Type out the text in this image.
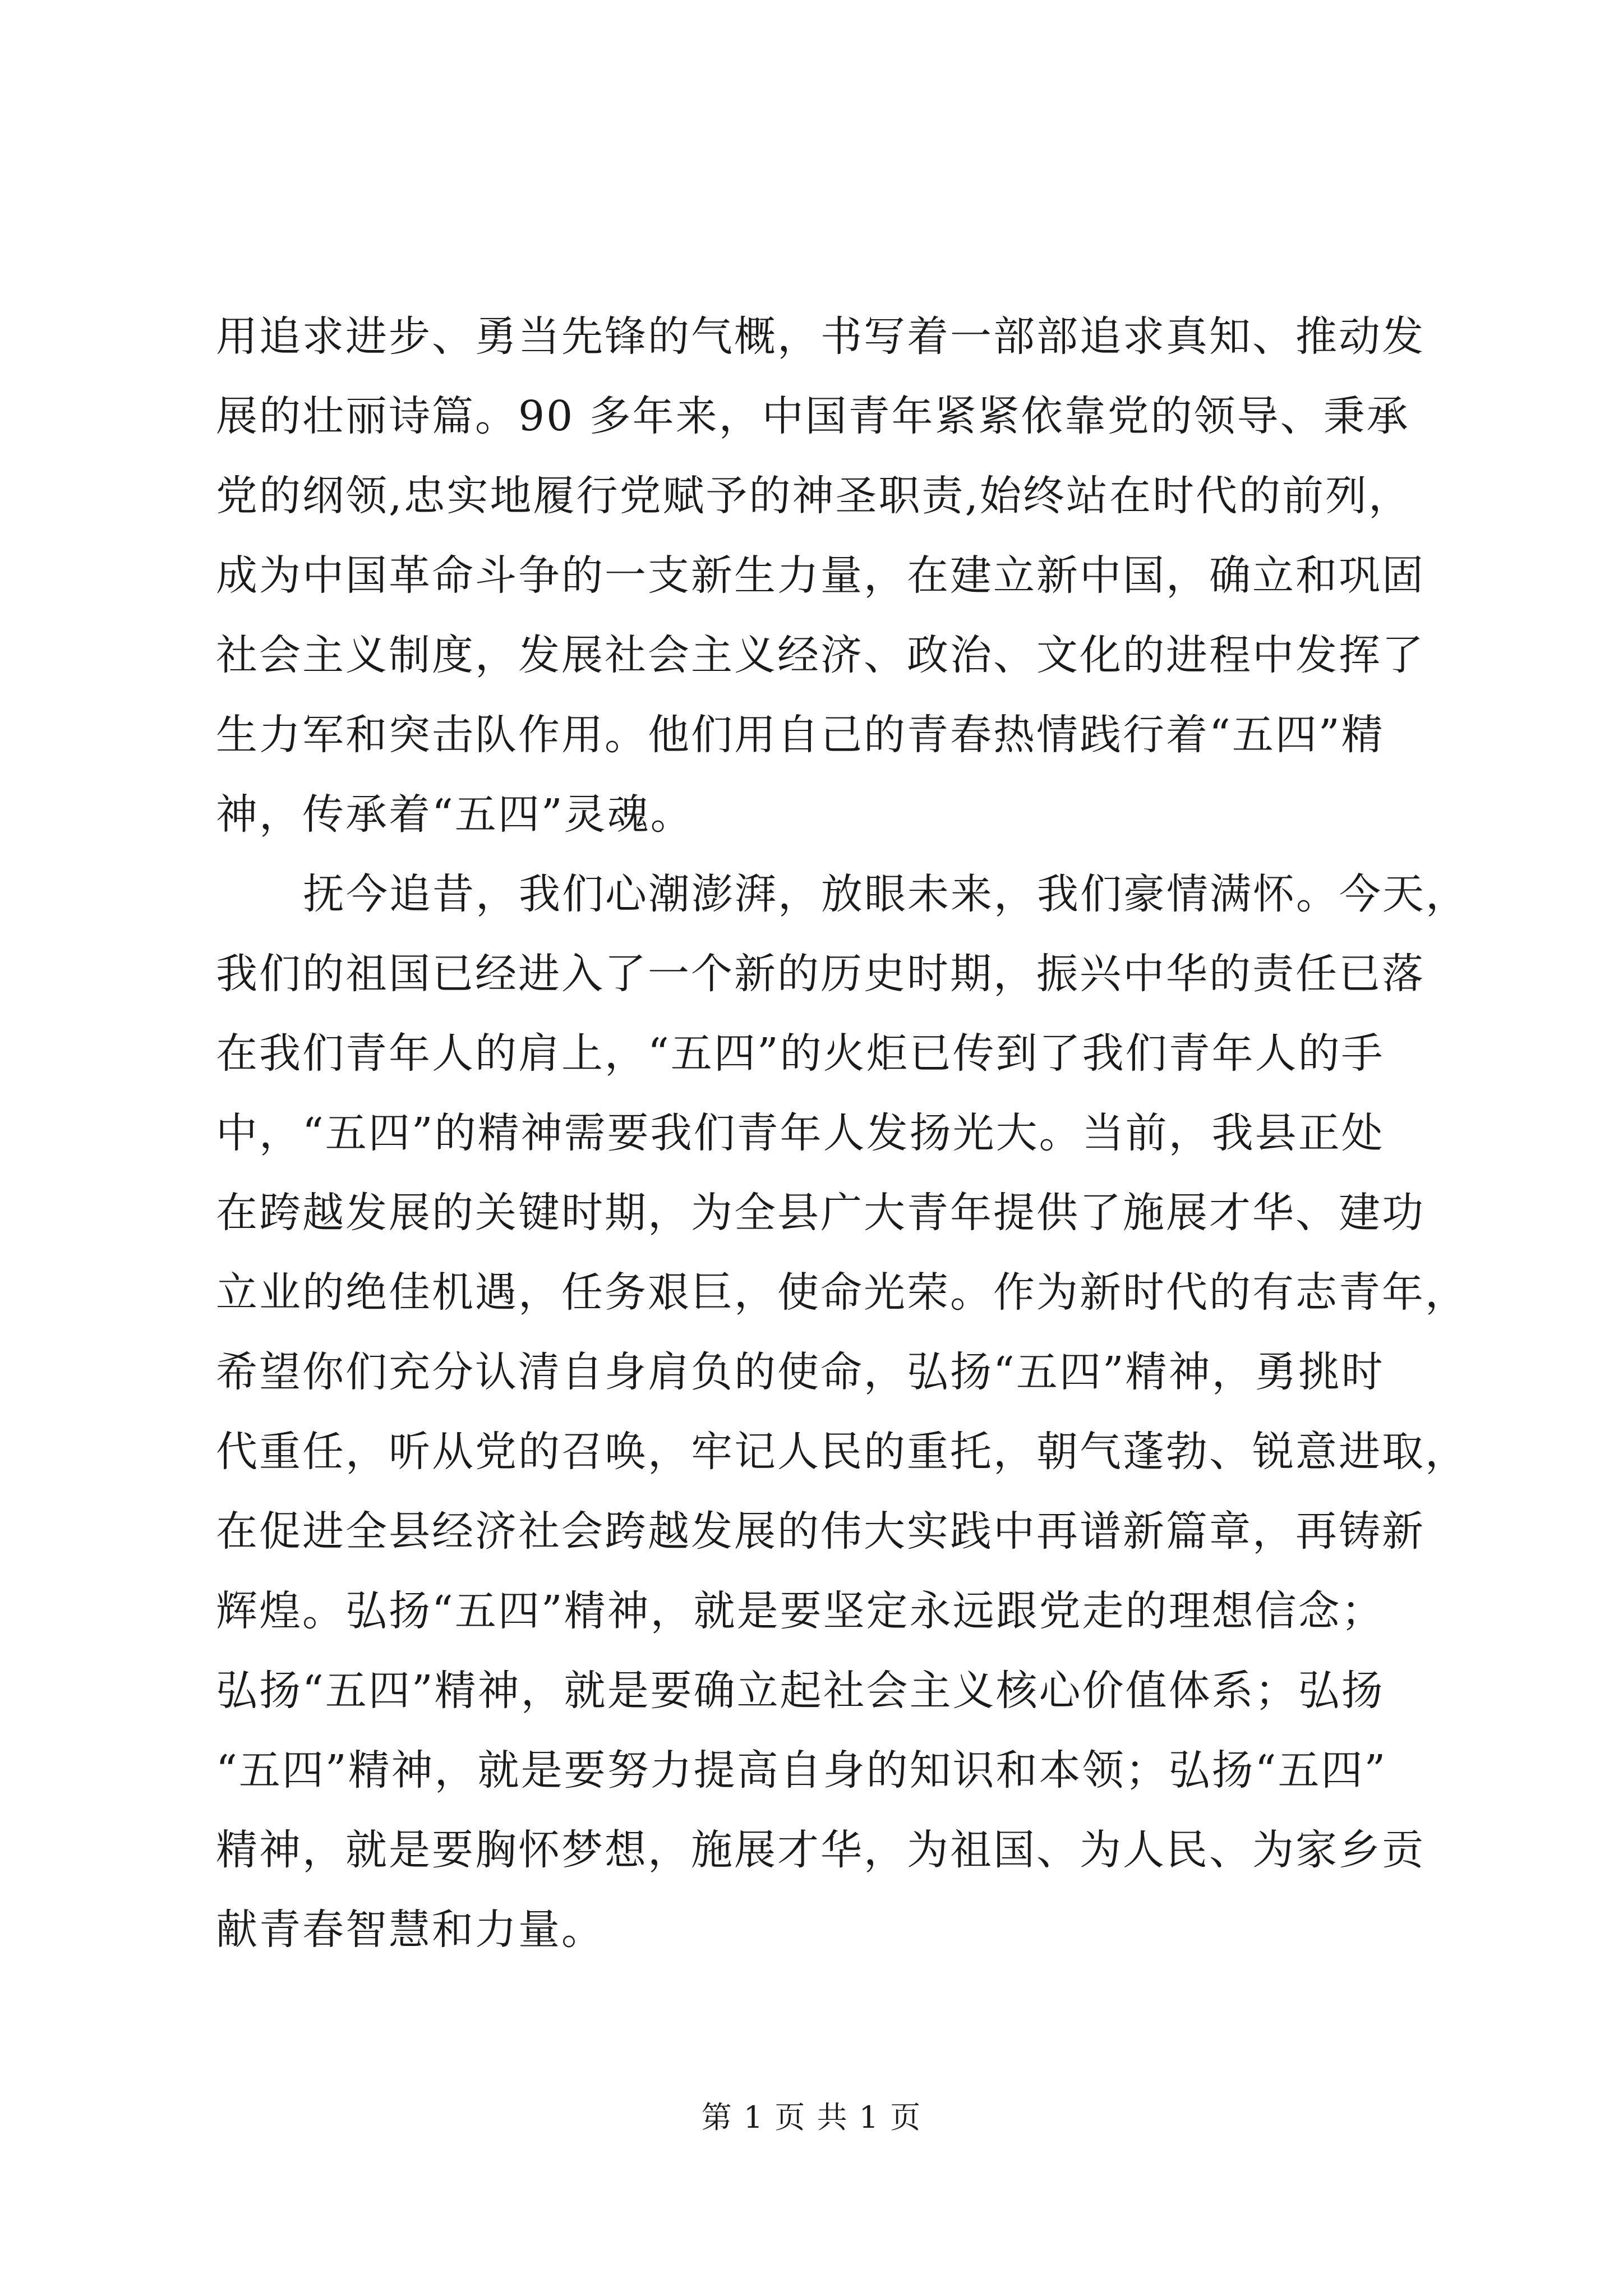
用追求进步、勇当先锋的气概，书写着一部部追求真知、推动发
展的壮丽诗篇。90 多年来，中国青年紧紧依靠党的领导、秉承
党的纲领,忠实地履行党赋予的神圣职责,始终站在时代的前列，
成为中国革命斗争的一支新生力量，在建立新中国，确立和巩固
社会主义制度，发展社会主义经济、政治、文化的进程中发挥了
生力军和突击队作用。他们用自己的青春热情践行着“五四”精
神，传承着“五四”灵魂。
抚今追昔，我们心潮澎湃，放眼未来，我们豪情满怀。今天，
我们的祖国已经进入了一个新的历史时期，振兴中华的责任已落
在我们青年人的肩上，“五四”的火炬已传到了我们青年人的手
中，“五四”的精神需要我们青年人发扬光大。当前，我县正处
在跨越发展的关键时期，为全县广大青年提供了施展才华、建功
立业的绝佳机遇，任务艰巨，使命光荣。作为新时代的有志青年，
希望你们充分认清自身肩负的使命，弘扬“五四”精神，勇挑时
代重任，听从党的召唤，牢记人民的重托，朝气蓬勃、锐意进取，
在促进全县经济社会跨越发展的伟大实践中再谱新篇章，再铸新
辉煌。弘扬“五四”精神，就是要坚定永远跟党走的理想信念；
弘扬“五四”精神，就是要确立起社会主义核心价值体系；弘扬
“五四”精神，就是要努力提高自身的知识和本领；弘扬“五四”
精神，就是要胸怀梦想，施展才华，为祖国、为人民、为家乡贡
献青春智慧和力量。
第 1 页 共 1 页
